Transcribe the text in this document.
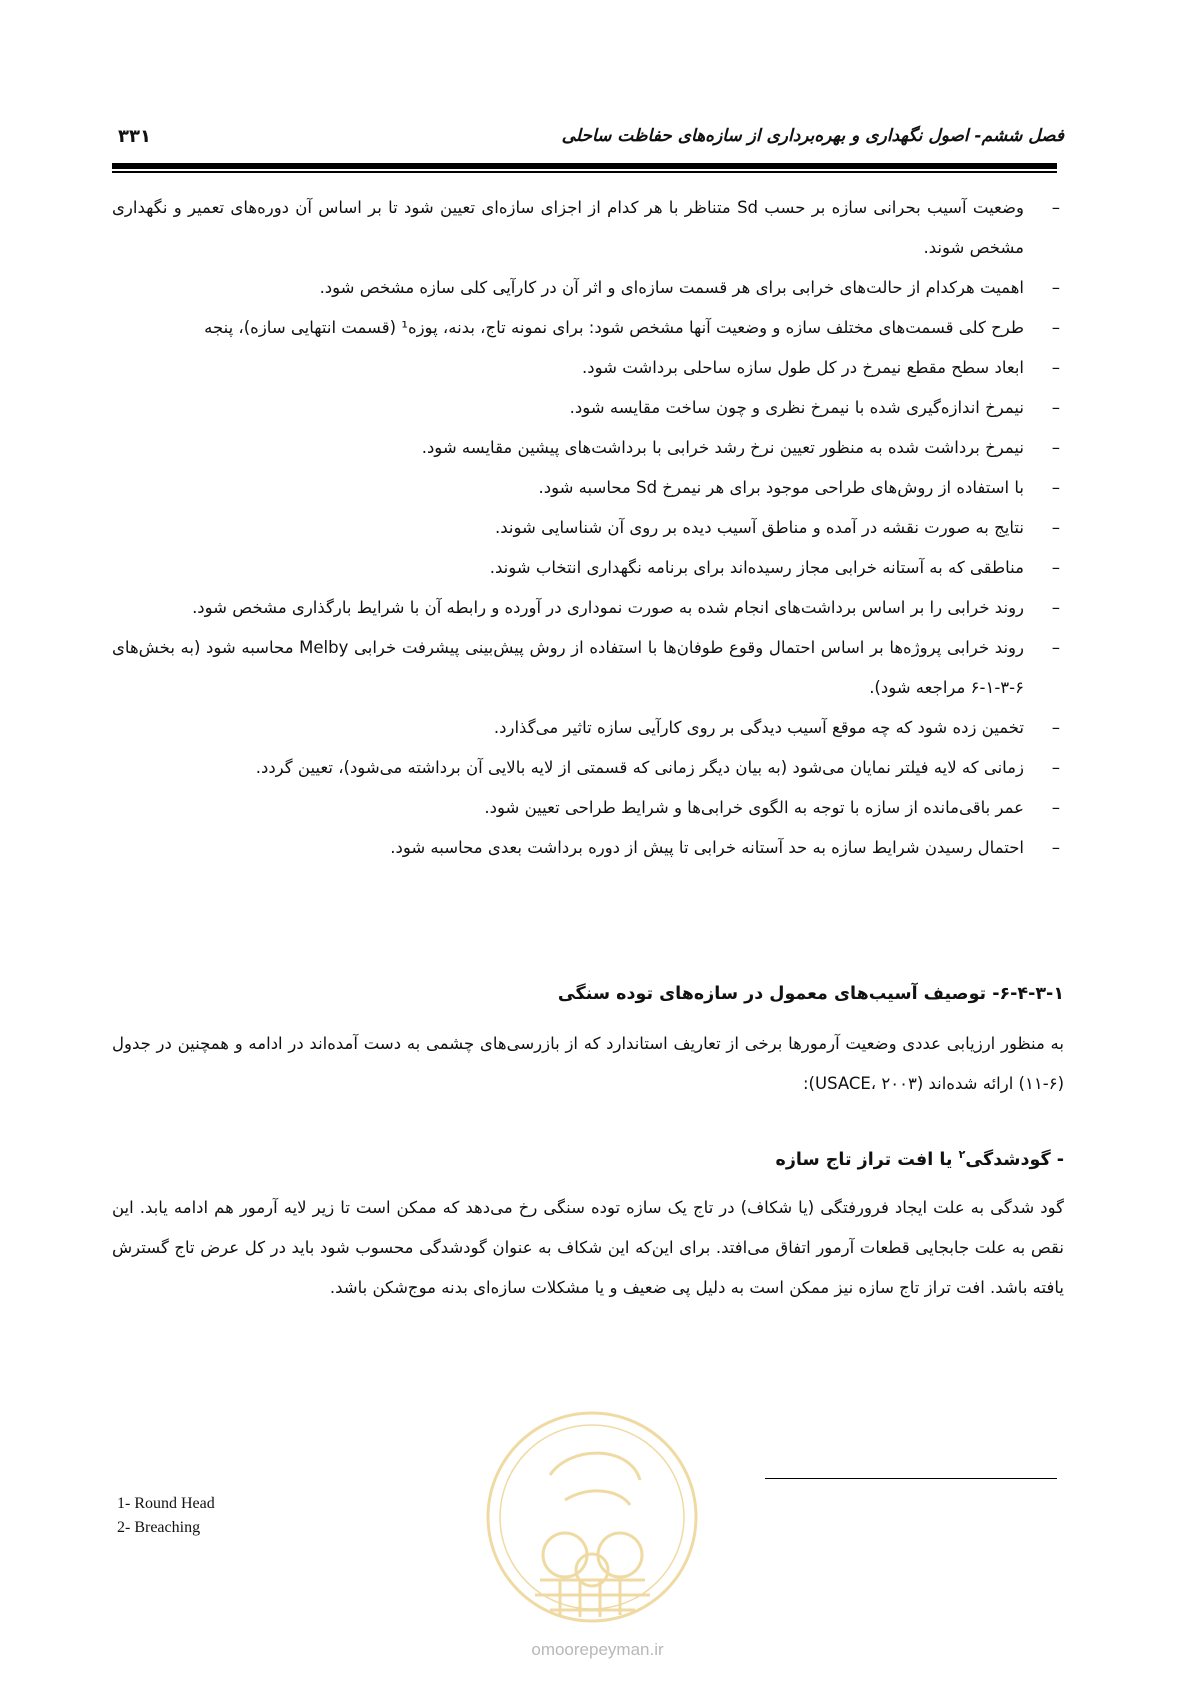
فصل ششم- اصول نگهداری و بهره‌برداری از سازه‌های حفاظت ساحلی
۳۳۱
– وضعیت آسیب بحرانی سازه بر حسب Sd متناظر با هر کدام از اجزای سازه‌ای تعیین شود تا بر اساس آن دوره‌های تعمیر و نگهداری مشخص شوند.
– اهمیت هرکدام از حالت‌های خرابی برای هر قسمت سازه‌ای و اثر آن در کارآیی کلی سازه مشخص شود.
– طرح کلی قسمت‌های مختلف سازه و وضعیت آنها مشخص شود: برای نمونه تاج، بدنه، پوزه¹ (قسمت انتهایی سازه)، پنجه
– ابعاد سطح مقطع نیمرخ در کل طول سازه ساحلی برداشت شود.
– نیمرخ اندازه‌گیری شده با نیمرخ نظری و چون ساخت مقایسه شود.
– نیمرخ برداشت شده به منظور تعیین نرخ رشد خرابی با برداشت‌های پیشین مقایسه شود.
– با استفاده از روش‌های طراحی موجود برای هر نیمرخ Sd محاسبه شود.
– نتایج به صورت نقشه در آمده و مناطق آسیب دیده بر روی آن شناسایی شوند.
– مناطقی که به آستانه خرابی مجاز رسیده‌اند برای برنامه نگهداری انتخاب شوند.
– روند خرابی را بر اساس برداشت‌های انجام شده به صورت نموداری در آورده و رابطه آن با شرایط بارگذاری مشخص شود.
– روند خرابی پروژه‌ها بر اساس احتمال وقوع طوفان‌ها با استفاده از روش پیش‌بینی پیشرفت خرابی Melby محاسبه شود (به بخش‌های ۶-۳-۱-۶ مراجعه شود).
– تخمین زده شود که چه موقع آسیب دیدگی بر روی کارآیی سازه تاثیر می‌گذارد.
– زمانی که لایه فیلتر نمایان می‌شود (به بیان دیگر زمانی که قسمتی از لایه بالایی آن برداشته می‌شود)، تعیین گردد.
– عمر باقی‌مانده از سازه با توجه به الگوی خرابی‌ها و شرایط طراحی تعیین شود.
– احتمال رسیدن شرایط سازه به حد آستانه خرابی تا پیش از دوره برداشت بعدی محاسبه شود.
۶-۴-۳-۱- توصیف آسیب‌های معمول در سازه‌های توده سنگی

به منظور ارزیابی عددی وضعیت آرمورها برخی از تعاریف استاندارد که از بازرسی‌های چشمی به دست آمده‌اند در ادامه و همچنین در جدول (۶-۱۱) ارائه شده‌اند (USACE، ۲۰۰۳):

- گودشدگی$^۲$ یا افت تراز تاج سازه

گود شدگی به علت ایجاد فرورفتگی (یا شکاف) در تاج یک سازه توده سنگی رخ می‌دهد که ممکن است تا زیر لایه آرمور هم ادامه یابد. این نقص به علت جابجایی قطعات آرمور اتفاق می‌افتد. برای این‌که این شکاف به عنوان گودشدگی محسوب شود باید در کل عرض تاج گسترش یافته باشد. افت تراز تاج سازه نیز ممکن است به دلیل پی ضعیف و یا مشکلات سازه‌ای بدنه موج‌شکن باشد.

1- Round Head
2- Breaching
omoorepeyman.ir
